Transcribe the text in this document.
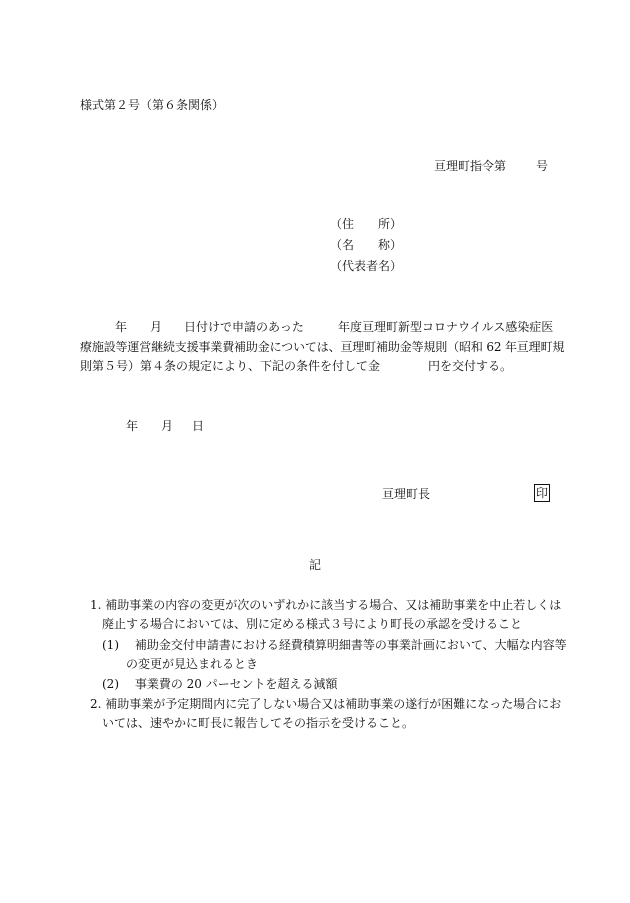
様式第２号（第６条関係）
亘理町指令第 号
（住　　所）
（名　　称）
（代表者名）
年 月 日付けで申請のあった	年度亘理町新型コロナウイルス感染症医
療施設等運営継続支援事業費補助金については、亘理町補助金等規則（昭和 62 年亘理町規
則第５号）第４条の規定により、下記の条件を付して金	円を交付する。
年 月 日
亘理町長	印
記
1. 補助事業の内容の変更が次のいずれかに該当する場合、又は補助事業を中止若しくは
廃止する場合においては、別に定める様式３号により町長の承認を受けること
(1)　 補助金交付申請書における経費積算明細書等の事業計画において、大幅な内容等
の変更が見込まれるとき
(2)　 事業費の 20 パーセントを超える減額
2. 補助事業が予定期間内に完了しない場合又は補助事業の遂行が困難になった場合にお
いては、速やかに町長に報告してその指示を受けること。
